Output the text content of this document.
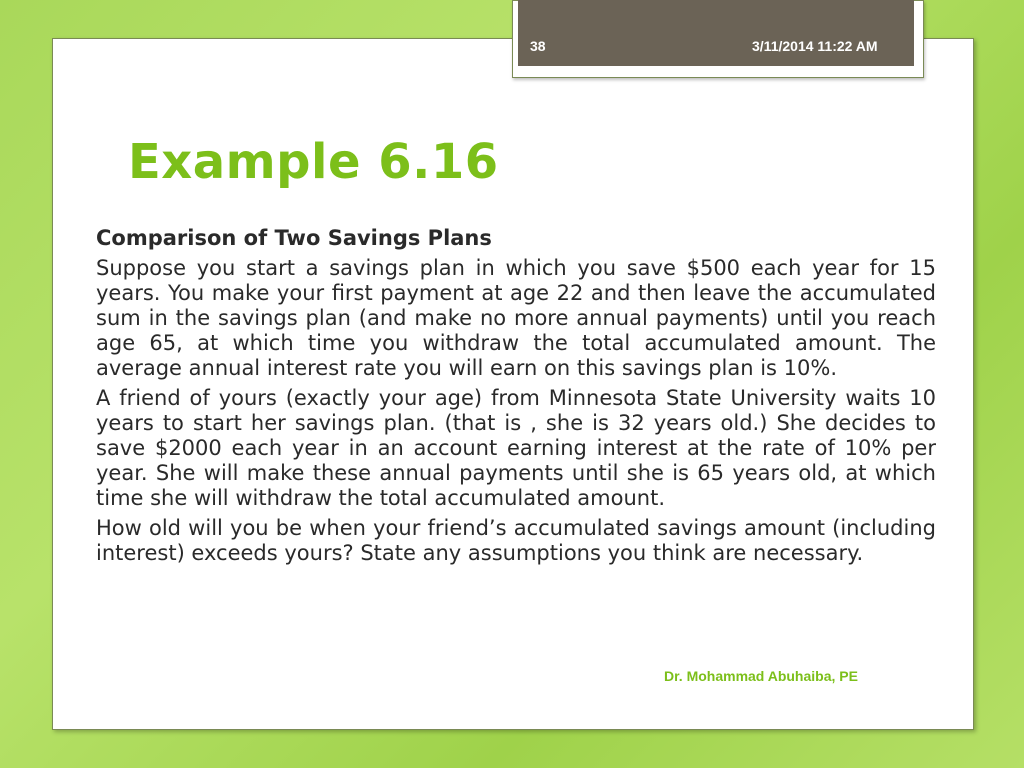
38	3/11/2014 11:22 AM
Example 6.16

Comparison of Two Savings Plans

Suppose you start a savings plan in which you save $500 each year for 15 years. You make your first payment at age 22 and then leave the accumulated sum in the savings plan (and make no more annual payments) until you reach age 65, at which time you withdraw the total accumulated amount. The average annual interest rate you will earn on this savings plan is 10%.

A friend of yours (exactly your age) from Minnesota State University waits 10 years to start her savings plan. (that is , she is 32 years old.) She decides to save $2000 each year in an account earning interest at the rate of 10% per year. She will make these annual payments until she is 65 years old, at which time she will withdraw the total accumulated amount.

How old will you be when your friend’s accumulated savings amount (including interest) exceeds yours? State any assumptions you think are necessary.

Dr. Mohammad Abuhaiba, PE
